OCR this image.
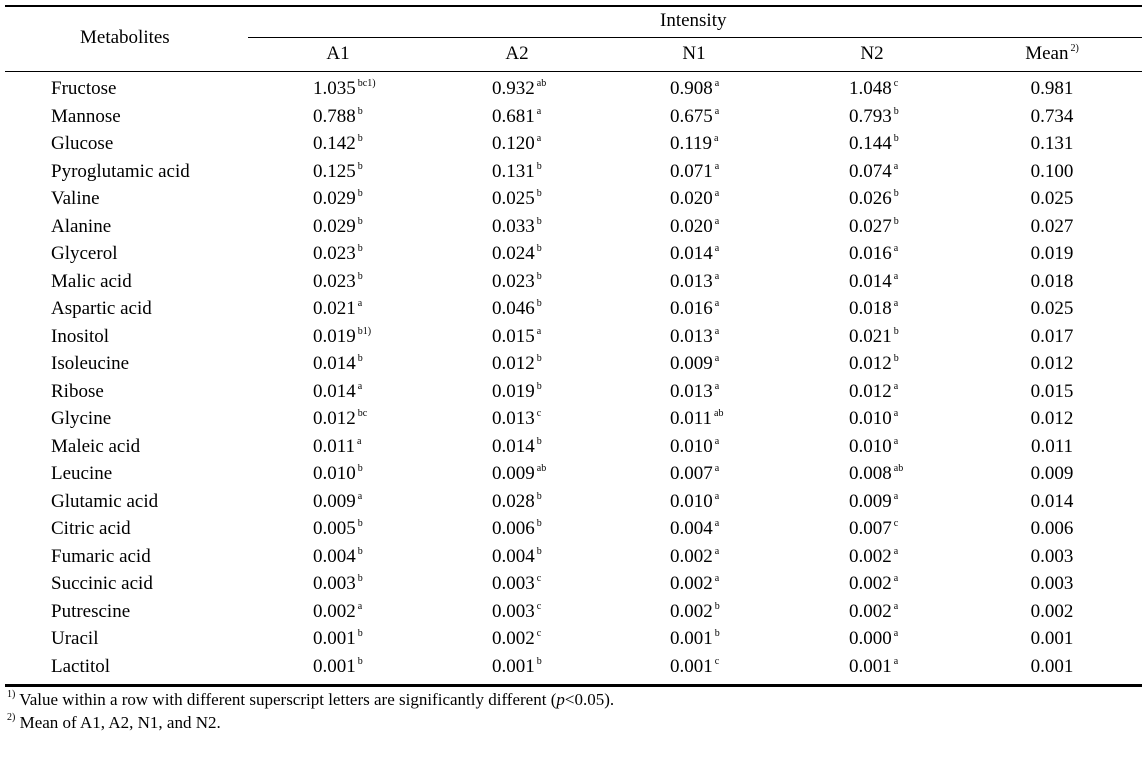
Metabolites
Intensity
A1	A2	N1	N2	Mean $^{2)}$
Fructose	1.035 $^{bc1)}$	0.932 $^{ab}$	0.908 $^a$	1.048 $^c$	0.981
Mannose	0.788 $^b$	0.681 $^a$	0.675 $^a$	0.793 $^b$	0.734
Glucose	0.142 $^b$	0.120 $^a$	0.119 $^a$	0.144 $^b$	0.131
Pyroglutamic acid	0.125 $^b$	0.131 $^b$	0.071 $^a$	0.074 $^a$	0.100
Valine	0.029 $^b$	0.025 $^b$	0.020 $^a$	0.026 $^b$	0.025
Alanine	0.029 $^b$	0.033 $^b$	0.020 $^a$	0.027 $^b$	0.027
Glycerol	0.023 $^b$	0.024 $^b$	0.014 $^a$	0.016 $^a$	0.019
Malic acid	0.023 $^b$	0.023 $^b$	0.013 $^a$	0.014 $^a$	0.018
Aspartic acid	0.021 $^a$	0.046 $^b$	0.016 $^a$	0.018 $^a$	0.025
Inositol	0.019 $^{b1)}$	0.015 $^a$	0.013 $^a$	0.021 $^b$	0.017
Isoleucine	0.014 $^b$	0.012 $^b$	0.009 $^a$	0.012 $^b$	0.012
Ribose	0.014 $^a$	0.019 $^b$	0.013 $^a$	0.012 $^a$	0.015
Glycine	0.012 $^{bc}$	0.013 $^c$	0.011 $^{ab}$	0.010 $^a$	0.012
Maleic acid	0.011 $^a$	0.014 $^b$	0.010 $^a$	0.010 $^a$	0.011
Leucine	0.010 $^b$	0.009 $^{ab}$	0.007 $^a$	0.008 $^{ab}$	0.009
Glutamic acid	0.009 $^a$	0.028 $^b$	0.010 $^a$	0.009 $^a$	0.014
Citric acid	0.005 $^b$	0.006 $^b$	0.004 $^a$	0.007 $^c$	0.006
Fumaric acid	0.004 $^b$	0.004 $^b$	0.002 $^a$	0.002 $^a$	0.003
Succinic acid	0.003 $^b$	0.003 $^c$	0.002 $^a$	0.002 $^a$	0.003
Putrescine	0.002 $^a$	0.003 $^c$	0.002 $^b$	0.002 $^a$	0.002
Uracil	0.001 $^b$	0.002 $^c$	0.001 $^b$	0.000 $^a$	0.001
Lactitol	0.001 $^b$	0.001 $^b$	0.001 $^c$	0.001 $^a$	0.001
$^{1)}$ Value within a row with different superscript letters are significantly different (p<0.05).
$^{2)}$ Mean of A1, A2, N1, and N2.
